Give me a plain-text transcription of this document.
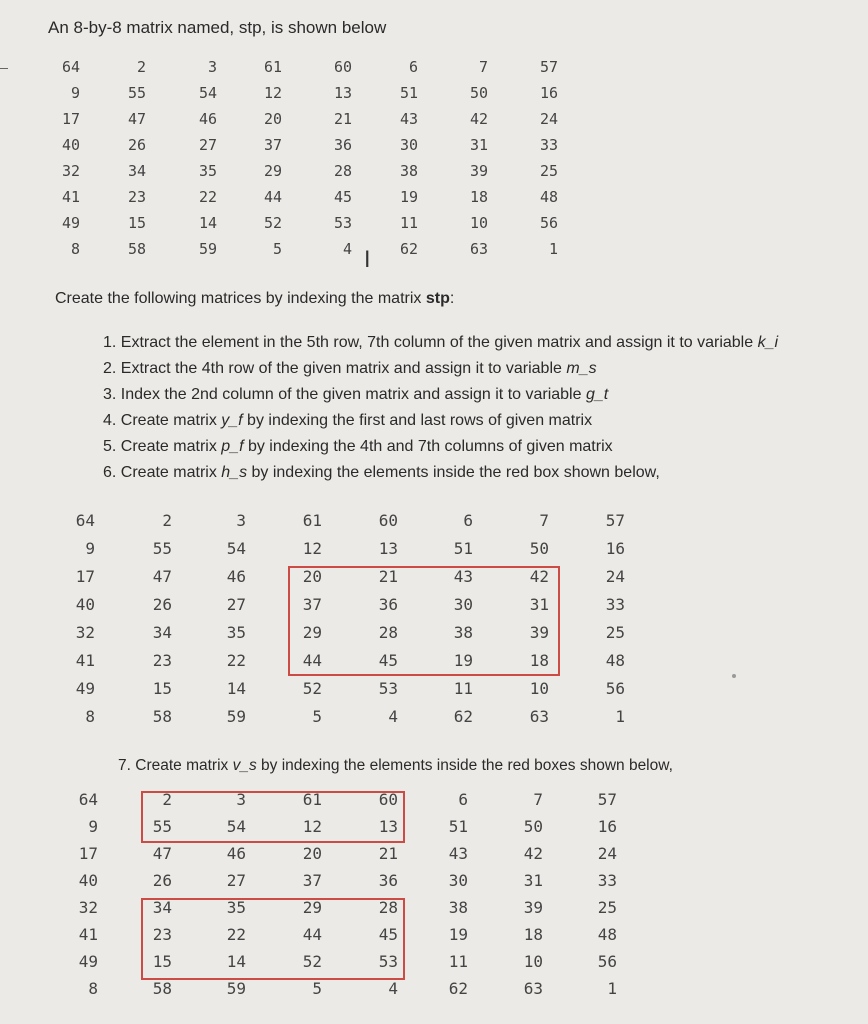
An 8-by-8 matrix named, stp, is shown below
64	2	3	61	60	6	7	57
9	55	54	12	13	51	50	16
17	47	46	20	21	43	42	24
40	26	27	37	36	30	31	33
32	34	35	29	28	38	39	25
41	23	22	44	45	19	18	48
49	15	14	52	53	11	10	56
8	58	59	5	4	62	63	1
I
Create the following matrices by indexing the matrix stp:
1. Extract the element in the 5th row, 7th column of the given matrix and assign it to variable k_i
2. Extract the 4th row of the given matrix and assign it to variable m_s
3. Index the 2nd column of the given matrix and assign it to variable g_t
4. Create matrix y_f by indexing the first and last rows of given matrix
5. Create matrix p_f by indexing the 4th and 7th columns of given matrix
6. Create matrix h_s by indexing the elements inside the red box shown below,
64	2	3	61	60	6	7	57
9	55	54	12	13	51	50	16
17	47	46	20	21	43	42	24
40	26	27	37	36	30	31	33
32	34	35	29	28	38	39	25
41	23	22	44	45	19	18	48
49	15	14	52	53	11	10	56
8	58	59	5	4	62	63	1
7. Create matrix v_s by indexing the elements inside the red boxes shown below,
64	2	3	61	60	6	7	57
9	55	54	12	13	51	50	16
17	47	46	20	21	43	42	24
40	26	27	37	36	30	31	33
32	34	35	29	28	38	39	25
41	23	22	44	45	19	18	48
49	15	14	52	53	11	10	56
8	58	59	5	4	62	63	1
